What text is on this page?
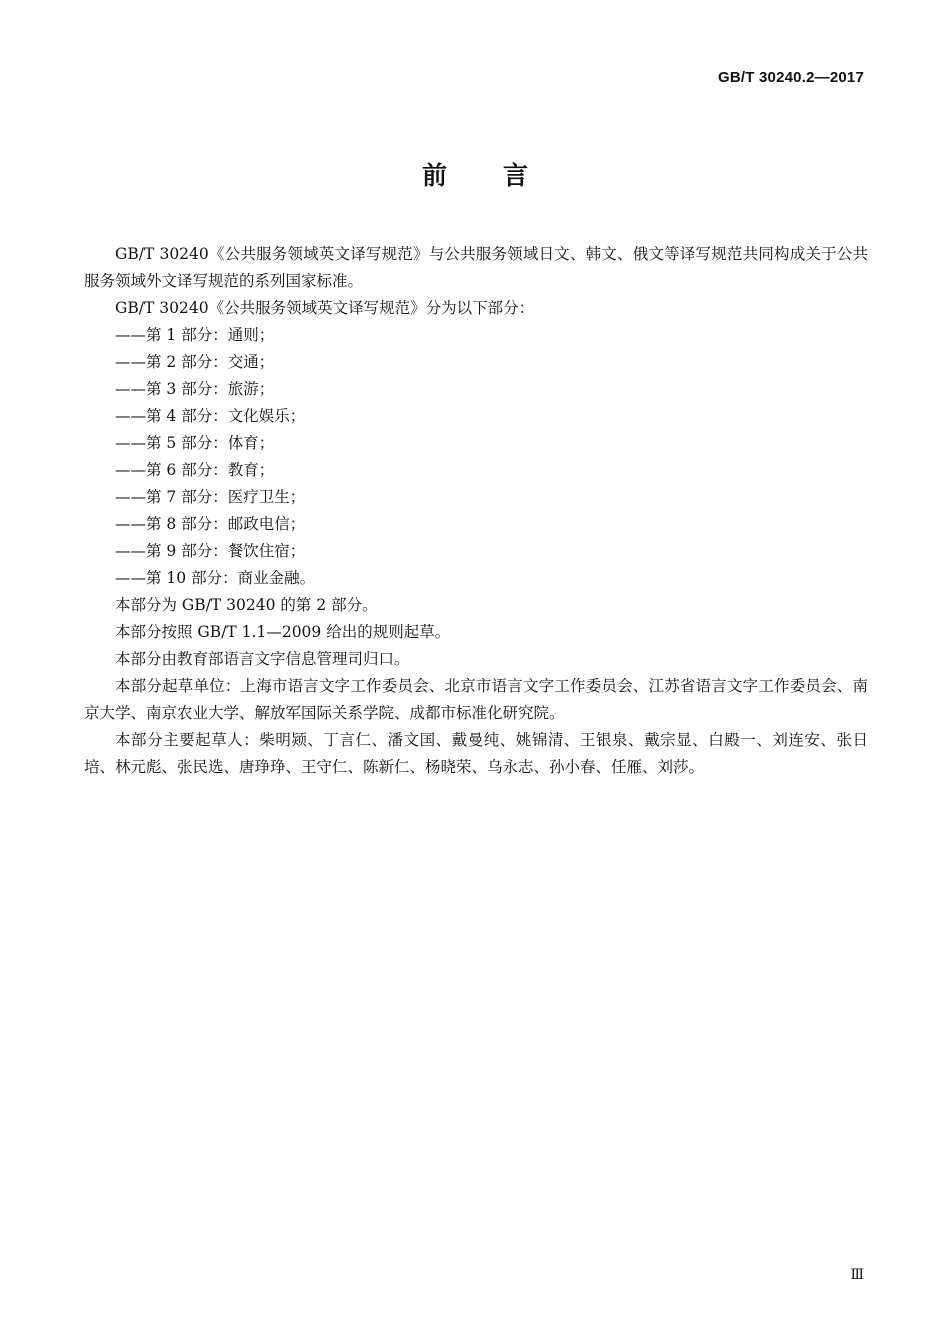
GB/T 30240.2—2017
前言

GB/T 30240《公共服务领域英文译写规范》与公共服务领域日文、韩文、俄文等译写规范共同构成关于公共服务领域外文译写规范的系列国家标准。

GB/T 30240《公共服务领域英文译写规范》分为以下部分：

——第 1 部分：通则；
——第 2 部分：交通；
——第 3 部分：旅游；
——第 4 部分：文化娱乐；
——第 5 部分：体育；
——第 6 部分：教育；
——第 7 部分：医疗卫生；
——第 8 部分：邮政电信；
——第 9 部分：餐饮住宿；
——第 10 部分：商业金融。

本部分为 GB/T 30240 的第 2 部分。

本部分按照 GB/T 1.1—2009 给出的规则起草。

本部分由教育部语言文字信息管理司归口。

本部分起草单位：上海市语言文字工作委员会、北京市语言文字工作委员会、江苏省语言文字工作委员会、南京大学、南京农业大学、解放军国际关系学院、成都市标准化研究院。

本部分主要起草人：柴明颎、丁言仁、潘文国、戴曼纯、姚锦清、王银泉、戴宗显、白殿一、刘连安、张日培、林元彪、张民选、唐琤琤、王守仁、陈新仁、杨晓荣、乌永志、孙小春、任雁、刘莎。

Ⅲ
